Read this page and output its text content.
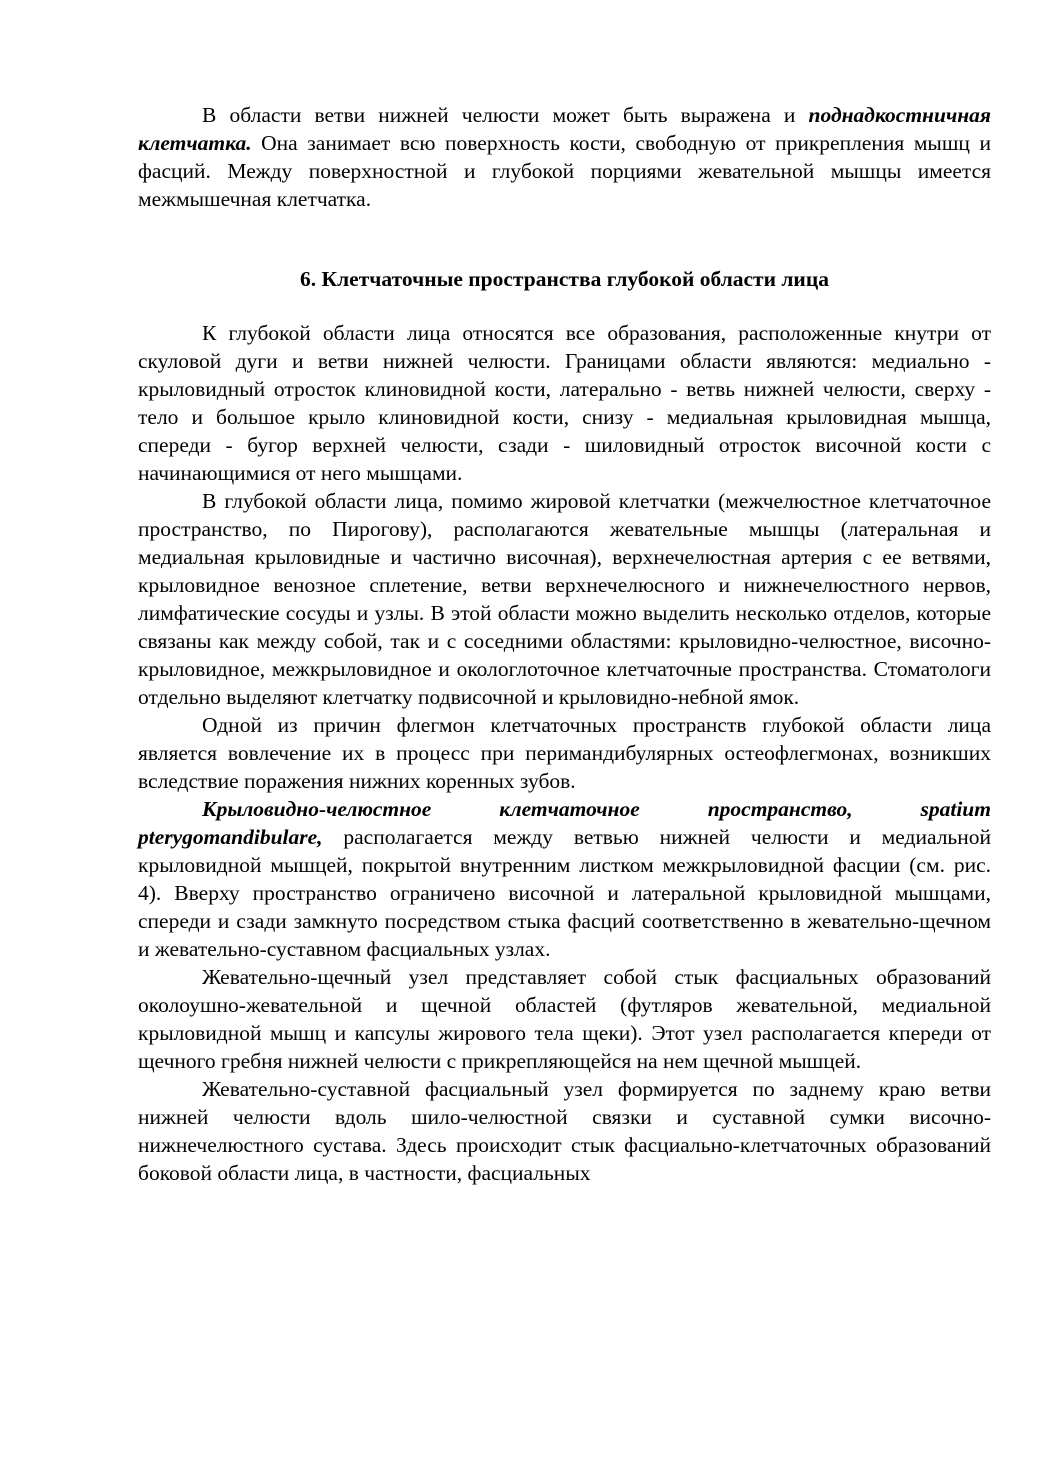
В области ветви нижней челюсти может быть выражена и поднадкостничная клетчатка. Она занимает всю поверхность кости, свободную от прикрепления мышц и фасций. Между поверхностной и глубокой порциями жевательной мышцы имеется межмышечная клетчатка.

6. Клетчаточные пространства глубокой области лица

К глубокой области лица относятся все образования, расположенные кнутри от скуловой дуги и ветви нижней челюсти. Границами области являются: медиально - крыловидный отросток клиновидной кости, латерально - ветвь нижней челюсти, сверху - тело и большое крыло клиновидной кости, снизу - медиальная крыловидная мышца, спереди - бугор верхней челюсти, сзади - шиловидный отросток височной кости с начинающимися от него мышцами.

В глубокой области лица, помимо жировой клетчатки (межчелюстное клетчаточное пространство, по Пирогову), располагаются жевательные мышцы (латеральная и медиальная крыловидные и частично височная), верхнечелюстная артерия с ее ветвями, крыловидное венозное сплетение, ветви верхнечелюсного и нижнечелюстного нервов, лимфатические сосуды и узлы. В этой области можно выделить несколько отделов, которые связаны как между собой, так и с соседними областями: крыловидно-челюстное, височно-крыловидное, межкрыловидное и окологлоточное клетчаточные пространства. Стоматологи отдельно выделяют клетчатку подвисочной и крыловидно-небной ямок.

Одной из причин флегмон клетчаточных пространств глубокой области лица является вовлечение их в процесс при перимандибулярных остеофлегмонах, возникших вследствие поражения нижних коренных зубов.

Крыловидно-челюстное клетчаточное пространство, spatium pterygomandibulare, располагается между ветвью нижней челюсти и медиальной крыловидной мышцей, покрытой внутренним листком межкрыловидной фасции (см. рис. 4). Вверху пространство ограничено височной и латеральной крыловидной мышцами, спереди и сзади замкнуто посредством стыка фасций соответственно в жевательно-щечном и жевательно-суставном фасциальных узлах.

Жевательно-щечный узел представляет собой стык фасциальных образований околоушно-жевательной и щечной областей (футляров жевательной, медиальной крыловидной мышц и капсулы жирового тела щеки). Этот узел располагается кпереди от щечного гребня нижней челюсти с прикрепляющейся на нем щечной мышцей.

Жевательно-суставной фасциальный узел формируется по заднему краю ветви нижней челюсти вдоль шило-челюстной связки и суставной сумки височно-нижнечелюстного сустава. Здесь происходит стык фасциально-клетчаточных образований боковой области лица, в частности, фасциальных
